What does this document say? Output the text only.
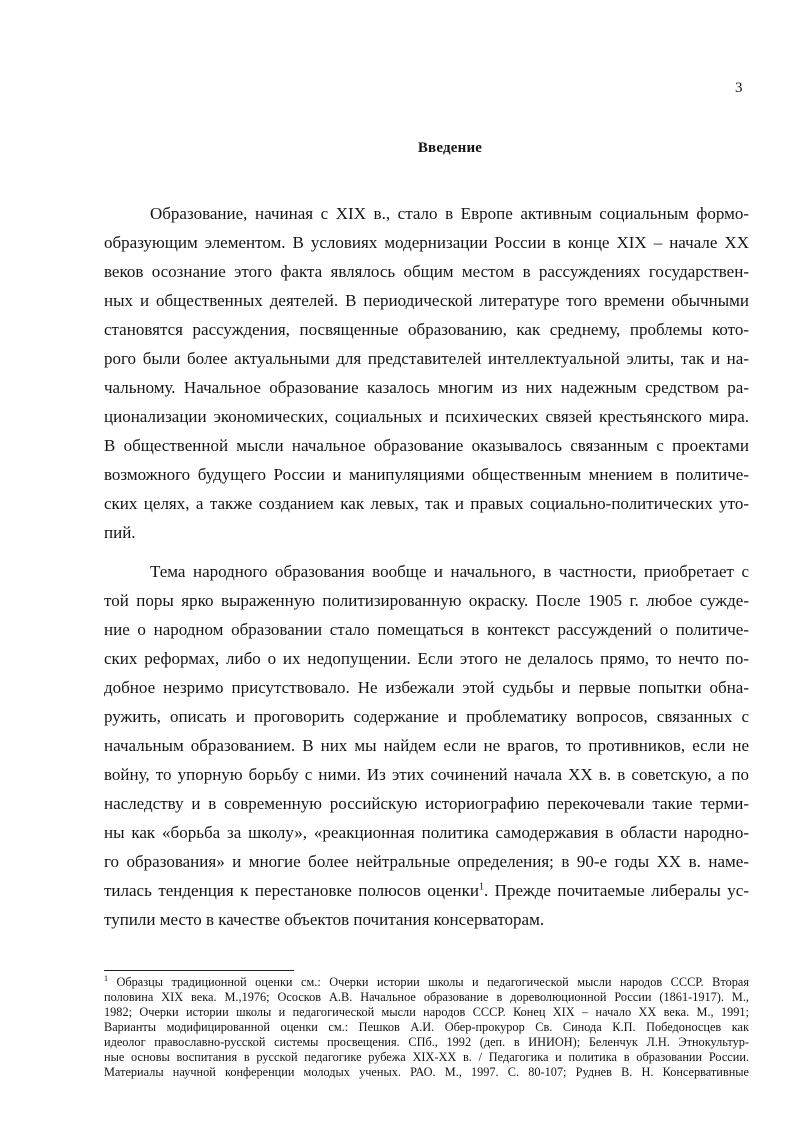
3
Введение
Образование, начиная с XIX в., стало в Европе активным социальным формо-
образующим элементом. В условиях модернизации России в конце XIX – начале XX
веков осознание этого факта являлось общим местом в рассуждениях государствен-
ных и общественных деятелей. В периодической литературе того времени обычными
становятся рассуждения, посвященные образованию, как среднему, проблемы кото-
рого были более актуальными для представителей интеллектуальной элиты, так и на-
чальному. Начальное образование казалось многим из них надежным средством ра-
ционализации экономических, социальных и психических связей крестьянского мира.
В общественной мысли начальное образование оказывалось связанным с проектами
возможного будущего России и манипуляциями общественным мнением в политиче-
ских целях, а также созданием как левых, так и правых социально-политических уто-
пий.
Тема народного образования вообще и начального, в частности, приобретает с
той поры ярко выраженную политизированную окраску. После 1905 г. любое сужде-
ние о народном образовании стало помещаться в контекст рассуждений о политиче-
ских реформах, либо о их недопущении. Если этого не делалось прямо, то нечто по-
добное незримо присутствовало. Не избежали этой судьбы и первые попытки обна-
ружить, описать и проговорить содержание и проблематику вопросов, связанных с
начальным образованием. В них мы найдем если не врагов, то противников, если не
войну, то упорную борьбу с ними. Из этих сочинений начала XX в. в советскую, а по
наследству и в современную российскую историографию перекочевали такие терми-
ны как «борьба за школу», «реакционная политика самодержавия в области народно-
го образования» и многие более нейтральные определения; в 90-е годы XX в. наме-
тилась тенденция к перестановке полюсов оценки$^1$. Прежде почитаемые либералы ус-
тупили место в качестве объектов почитания консерваторам.
$^1$ Образцы традиционной оценки см.: Очерки истории школы и педагогической мысли народов СССР. Вторая
половина XIX века. М.,1976; Ососков А.В. Начальное образование в дореволюционной России (1861-1917). М.,
1982; Очерки истории школы и педагогической мысли народов СССР. Конец XIX – начало XX века. М., 1991;
Варианты модифицированной оценки см.: Пешков А.И. Обер-прокурор Св. Синода К.П. Победоносцев как
идеолог православно-русской системы просвещения. СПб., 1992 (деп. в ИНИОН); Беленчук Л.Н. Этнокультур-
ные основы воспитания в русской педагогике рубежа XIX-XX в. / Педагогика и политика в образовании России.
Материалы научной конференции молодых ученых. РАО. М., 1997. С. 80-107; Руднев В. Н. Консервативные
